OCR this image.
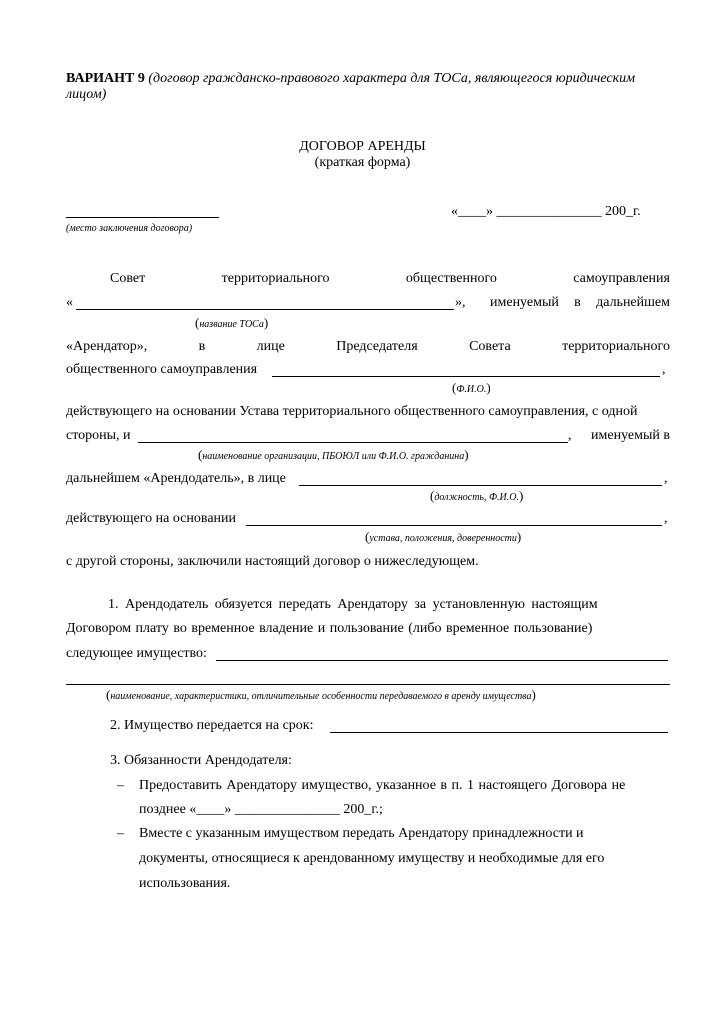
ВАРИАНТ 9 (договор гражданско-правового характера для ТОСа, являющегося юридическим
лицом)
ДОГОВОР АРЕНДЫ
(краткая форма)
(место заключения договора)
«____» _______________ 200_г.
Совет	территориального	общественного	самоуправления
«	», именуемый в дальнейшем
(название ТОСа)
«Арендатор»,	в	лице	Председателя	Совета	территориального
общественного самоуправления	,
(Ф.И.О.)
действующего на основании Устава территориального общественного самоуправления, с одной
стороны, и	, именуемый в
(наименование организации, ПБОЮЛ или Ф.И.О. гражданина)
дальнейшем «Арендодатель», в лице	,
(должность, Ф.И.О.)
действующего на основании	,
(устава, положения, доверенности)
с другой стороны, заключили настоящий договор о нижеследующем.
1. Арендодатель обязуется передать Арендатору за установленную настоящим
Договором плату во временное владение и пользование (либо временное пользование)
следующее имущество:
(наименование, характеристики, отличительные особенности передаваемого в аренду имущества)
2. Имущество передается на срок:
3. Обязанности Арендодателя:
– Предоставить Арендатору имущество, указанное в п. 1 настоящего Договора не
позднее «____» _______________ 200_г.;
– Вместе с указанным имуществом передать Арендатору принадлежности и
документы, относящиеся к арендованному имуществу и необходимые для его
использования.
